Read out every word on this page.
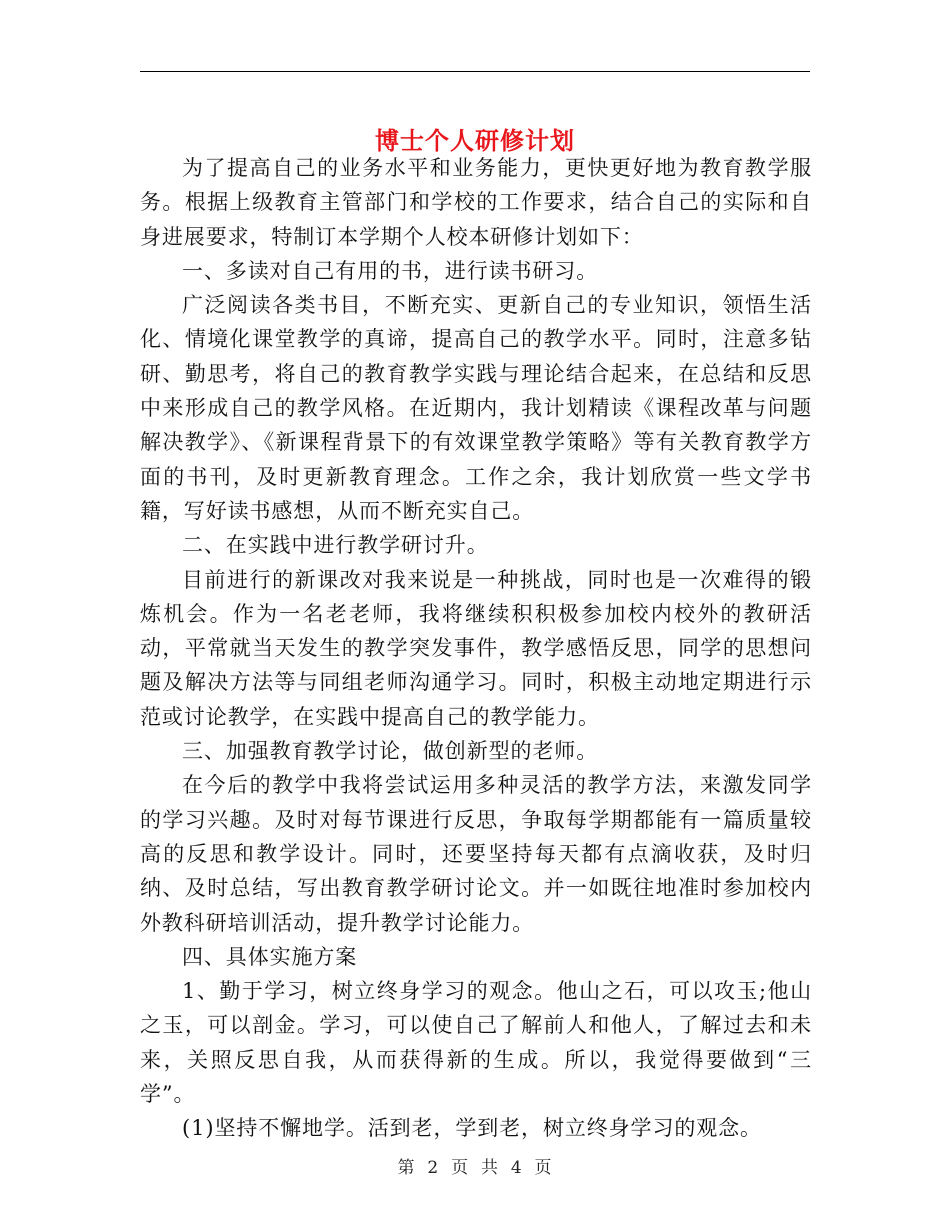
博士个人研修计划

为了提高自己的业务水平和业务能力，更快更好地为教育教学服务。根据上级教育主管部门和学校的工作要求，结合自己的实际和自身进展要求，特制订本学期个人校本研修计划如下：

一、多读对自己有用的书，进行读书研习。

广泛阅读各类书目，不断充实、更新自己的专业知识，领悟生活化、情境化课堂教学的真谛，提高自己的教学水平。同时，注意多钻研、勤思考，将自己的教育教学实践与理论结合起来，在总结和反思中来形成自己的教学风格。在近期内，我计划精读《课程改革与问题解决教学》、《新课程背景下的有效课堂教学策略》等有关教育教学方面的书刊，及时更新教育理念。工作之余，我计划欣赏一些文学书籍，写好读书感想，从而不断充实自己。

二、在实践中进行教学研讨升。

目前进行的新课改对我来说是一种挑战，同时也是一次难得的锻炼机会。作为一名老老师，我将继续积积极参加校内校外的教研活动，平常就当天发生的教学突发事件，教学感悟反思，同学的思想问题及解决方法等与同组老师沟通学习。同时，积极主动地定期进行示范或讨论教学，在实践中提高自己的教学能力。

三、加强教育教学讨论，做创新型的老师。

在今后的教学中我将尝试运用多种灵活的教学方法，来激发同学的学习兴趣。及时对每节课进行反思，争取每学期都能有一篇质量较高的反思和教学设计。同时，还要坚持每天都有点滴收获，及时归纳、及时总结，写出教育教学研讨论文。并一如既往地准时参加校内外教科研培训活动，提升教学讨论能力。

四、具体实施方案

1、勤于学习，树立终身学习的观念。他山之石，可以攻玉;他山之玉，可以剖金。学习，可以使自己了解前人和他人，了解过去和未来，关照反思自我，从而获得新的生成。所以，我觉得要做到“三学”。

(1)坚持不懈地学。活到老，学到老，树立终身学习的观念。

第 2 页 共 4 页
